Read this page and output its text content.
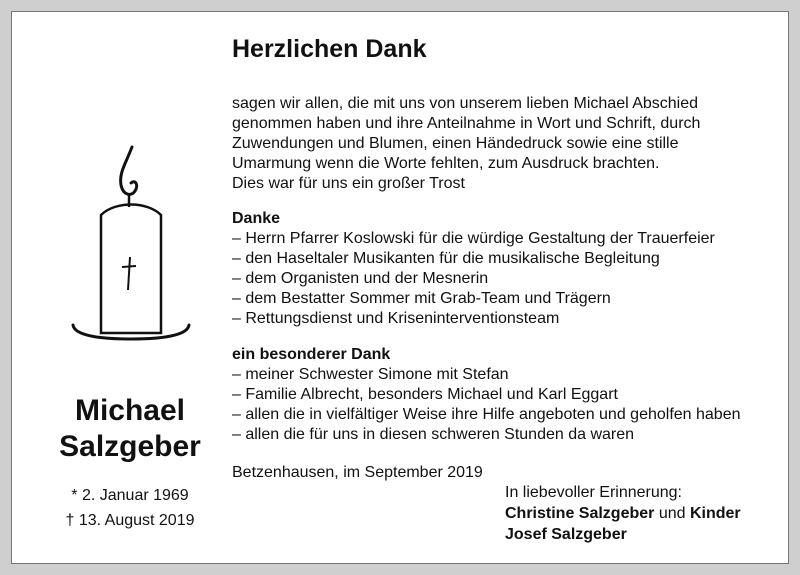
Michael
Salzgeber
* 2. Januar 1969
† 13. August 2019
Herzlichen Dank

sagen wir allen, die mit uns von unserem lieben Michael Abschied

genommen haben und ihre Anteilnahme in Wort und Schrift, durch

Zuwendungen und Blumen, einen Händedruck sowie eine stille

Umarmung wenn die Worte fehlten, zum Ausdruck brachten.

Dies war für uns ein großer Trost

Danke
– Herrn Pfarrer Koslowski für die würdige Gestaltung der Trauerfeier
– den Haseltaler Musikanten für die musikalische Begleitung
– dem Organisten und der Mesnerin
– dem Bestatter Sommer mit Grab-Team und Trägern
– Rettungsdienst und Kriseninterventionsteam
ein besonderer Dank
– meiner Schwester Simone mit Stefan
– Familie Albrecht, besonders Michael und Karl Eggart
– allen die in vielfältiger Weise ihre Hilfe angeboten und geholfen haben
– allen die für uns in diesen schweren Stunden da waren
Betzenhausen, im September 2019
In liebevoller Erinnerung:
Christine Salzgeber und Kinder
Josef Salzgeber
